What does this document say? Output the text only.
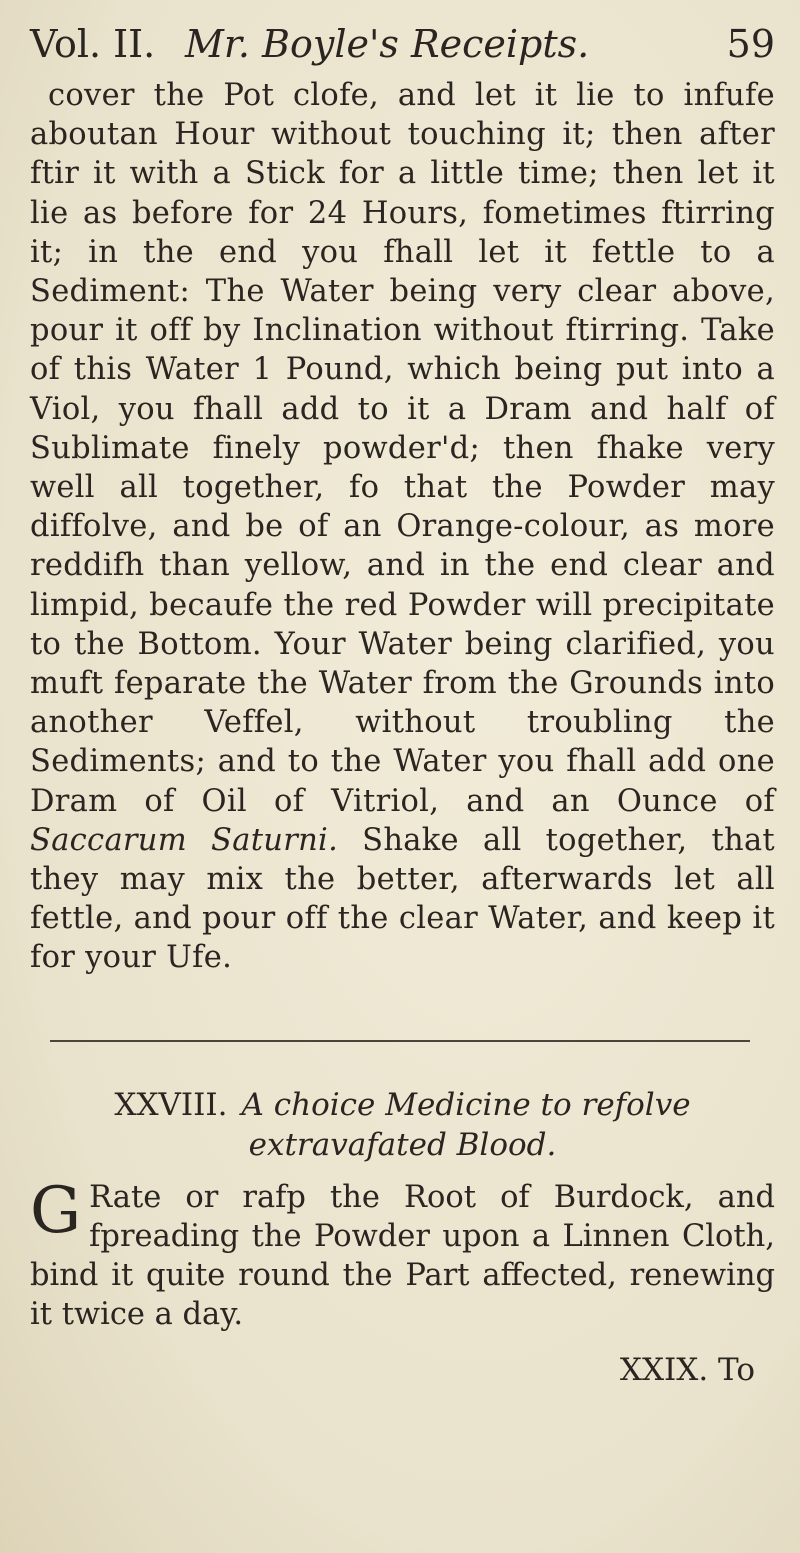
Vol. II. Mr. Boyle's Receipts.	59

cover the Pot clofe, and let it lie to infufe aboutan Hour without touching it; then after ftir it with a Stick for a little time; then let it lie as before for 24 Hours, fometimes ftirring it; in the end you fhall let it fettle to a Sediment: The Water being very clear above, pour it off by Inclination without ftirring. Take of this Water 1 Pound, which being put into a Viol, you fhall add to it a Dram and half of Sublimate finely powder'd; then fhake very well all together, fo that the Powder may diffolve, and be of an Orange-colour, as more reddifh than yellow, and in the end clear and limpid, becaufe the red Powder will precipitate to the Bottom. Your Water being clarified, you muft feparate the Water from the Grounds into another Veffel, without troubling the Sediments; and to the Water you fhall add one Dram of Oil of Vitriol, and an Ounce of Saccarum Saturni. Shake all together, that they may mix the better, afterwards let all fettle, and pour off the clear Water, and keep it for your Ufe.

XXVIII. A choice Medicine to refolve extravafated Blood.

G Rate or rafp the Root of Burdock, and fpreading the Powder upon a Linnen Cloth, bind it quite round the Part affected, renewing it twice a day.

XXIX. To
